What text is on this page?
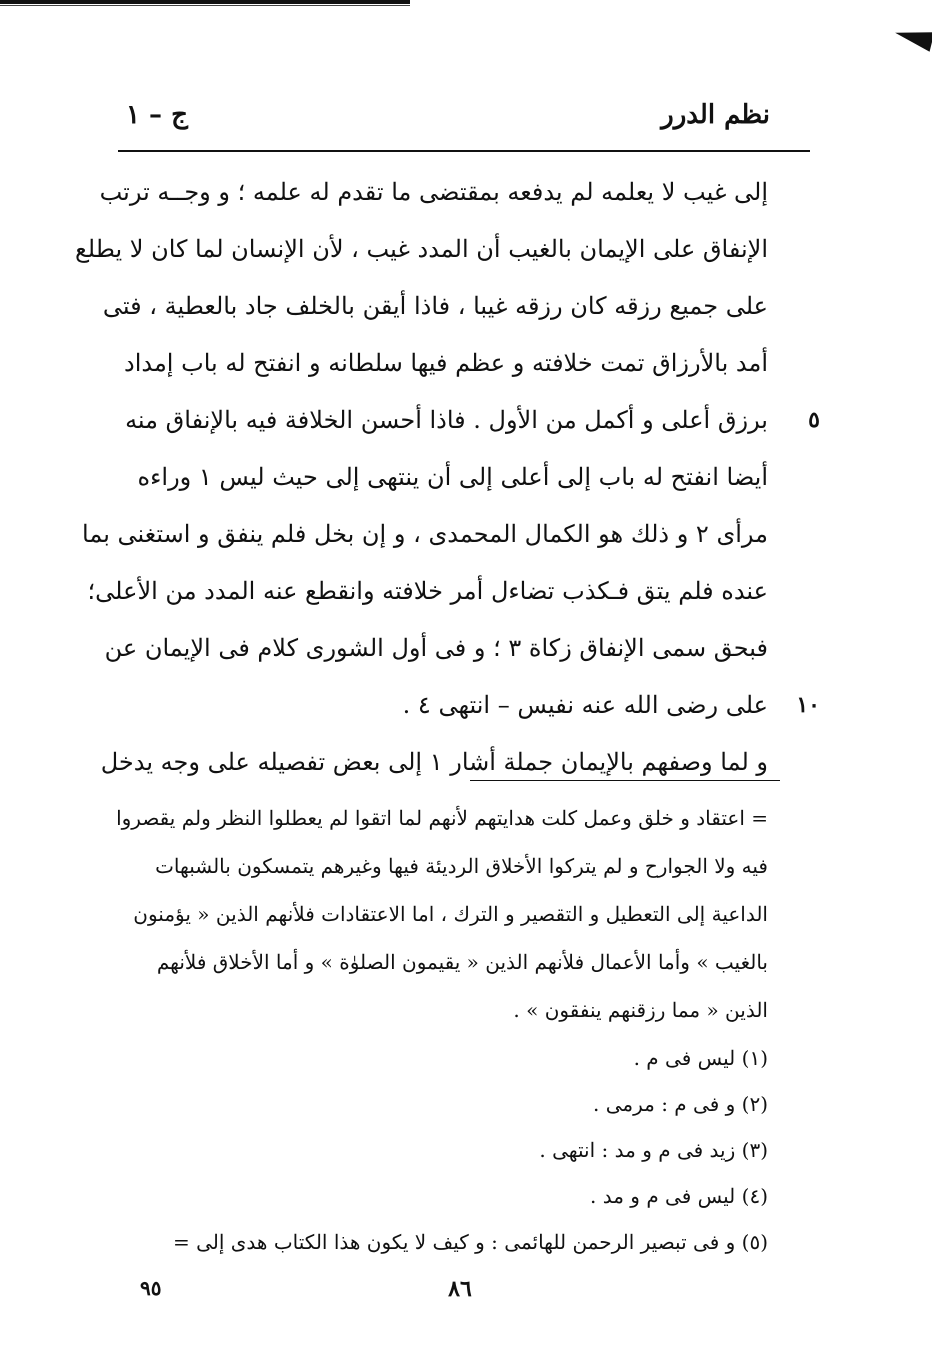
نظم الدرر
ج – ١
إلى غيب لا يعلمه لم يدفعه بمقتضى ما تقدم له علمه ؛ و وجــه ترتب
الإنفاق على الإيمان بالغيب أن المدد غيب ، لأن الإنسان لما كان لا يطلع
على جميع رزقه كان رزقه غيبا ، فاذا أيقن بالخلف جاد بالعطية ، فتى
أمد بالأرزاق تمت خلافته و عظم فيها سلطانه و انفتح له باب إمداد
٥
برزق أعلى و أكمل من الأول . فاذا أحسن الخلافة فيه بالإنفاق منه
أيضا انفتح له باب إلى أعلى إلى أن ينتهى إلى حيث ليس ١ وراءه
مرأى ٢ و ذلك هو الكمال المحمدى ، و إن بخل فلم ينفق و استغنى بما
عنده فلم يتق فـكذب تضاءل أمر خلافته وانقطع عنه المدد من الأعلى؛
فبحق سمى الإنفاق زكاة ٣ ؛ و فى أول الشورى كلام فى الإيمان عن
١٠
على رضى الله عنه نفيس – انتهى ٤ .
و لما وصفهم بالإيمان جملة أشار ١ إلى بعض تفصيله على وجه يدخل
= اعتقاد و خلق وعمل كلت هدايتهم لأنهم لما اتقوا لم يعطلوا النظر ولم يقصروا
فيه ولا الجوارح و لم يتركوا الأخلاق الرديئة فيها وغيرهم يتمسكون بالشبهات
الداعية إلى التعطيل و التقصير و الترك ، اما الاعتقادات فلأنهم الذين « يؤمنون
بالغيب » وأما الأعمال فلأنهم الذين « يقيمون الصلوٰة » و أما الأخلاق فلأنهم
الذين « مما رزقنهم ينفقون » .
(١) ليس فى م .
(٢) و فى م : مرمى .
(٣) زيد فى م و مد : انتهى .
(٤) ليس فى م و مد .
(٥) و فى تبصير الرحمن للهائمى : و كيف لا يكون هذا الكتاب هدى إلى =
٨٦
٩٥
